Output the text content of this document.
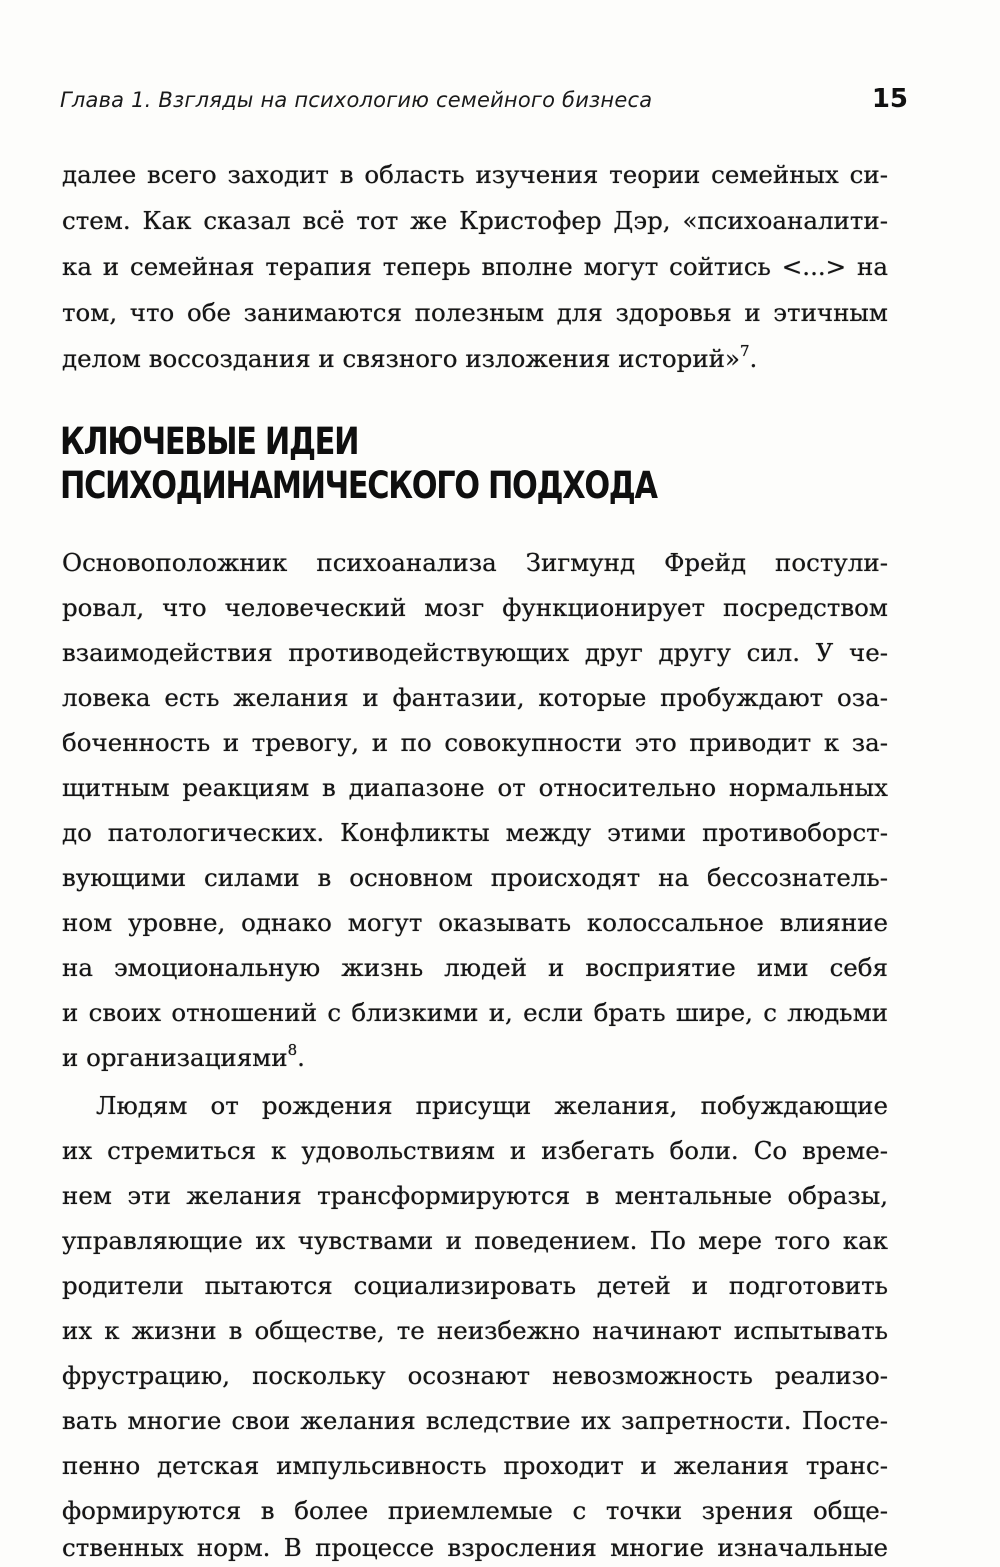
Глава 1. Взгляды на психологию семейного бизнеса	15
далее всего заходит в область изучения теории семейных си-
стем. Как сказал всё тот же Кристофер Дэр, «психоаналити-
ка и семейная терапия теперь вполне могут сойтись <...> на
том, что обе занимаются полезным для здоровья и этичным
делом воссоздания и связного изложения историй»$^7$.
КЛЮЧЕВЫЕ ИДЕИ
ПСИХОДИНАМИЧЕСКОГО ПОДХОДА
Основоположник психоанализа Зигмунд Фрейд постули-
ровал, что человеческий мозг функционирует посредством
взаимодействия противодействующих друг другу сил. У че-
ловека есть желания и фантазии, которые пробуждают оза-
боченность и тревогу, и по совокупности это приводит к за-
щитным реакциям в диапазоне от относительно нормальных
до патологических. Конфликты между этими противоборст-
вующими силами в основном происходят на бессознатель-
ном уровне, однако могут оказывать колоссальное влияние
на эмоциональную жизнь людей и восприятие ими себя
и своих отношений с близкими и, если брать шире, с людьми
и организациями$^8$.
Людям от рождения присущи желания, побуждающие
их стремиться к удовольствиям и избегать боли. Со време-
нем эти желания трансформируются в ментальные образы,
управляющие их чувствами и поведением. По мере того как
родители пытаются социализировать детей и подготовить
их к жизни в обществе, те неизбежно начинают испытывать
фрустрацию, поскольку осознают невозможность реализо-
вать многие свои желания вследствие их запретности. Посте-
пенно детская импульсивность проходит и желания транс-
формируются в более приемлемые с точки зрения обще-
ственных норм. В процессе взросления многие изначальные
